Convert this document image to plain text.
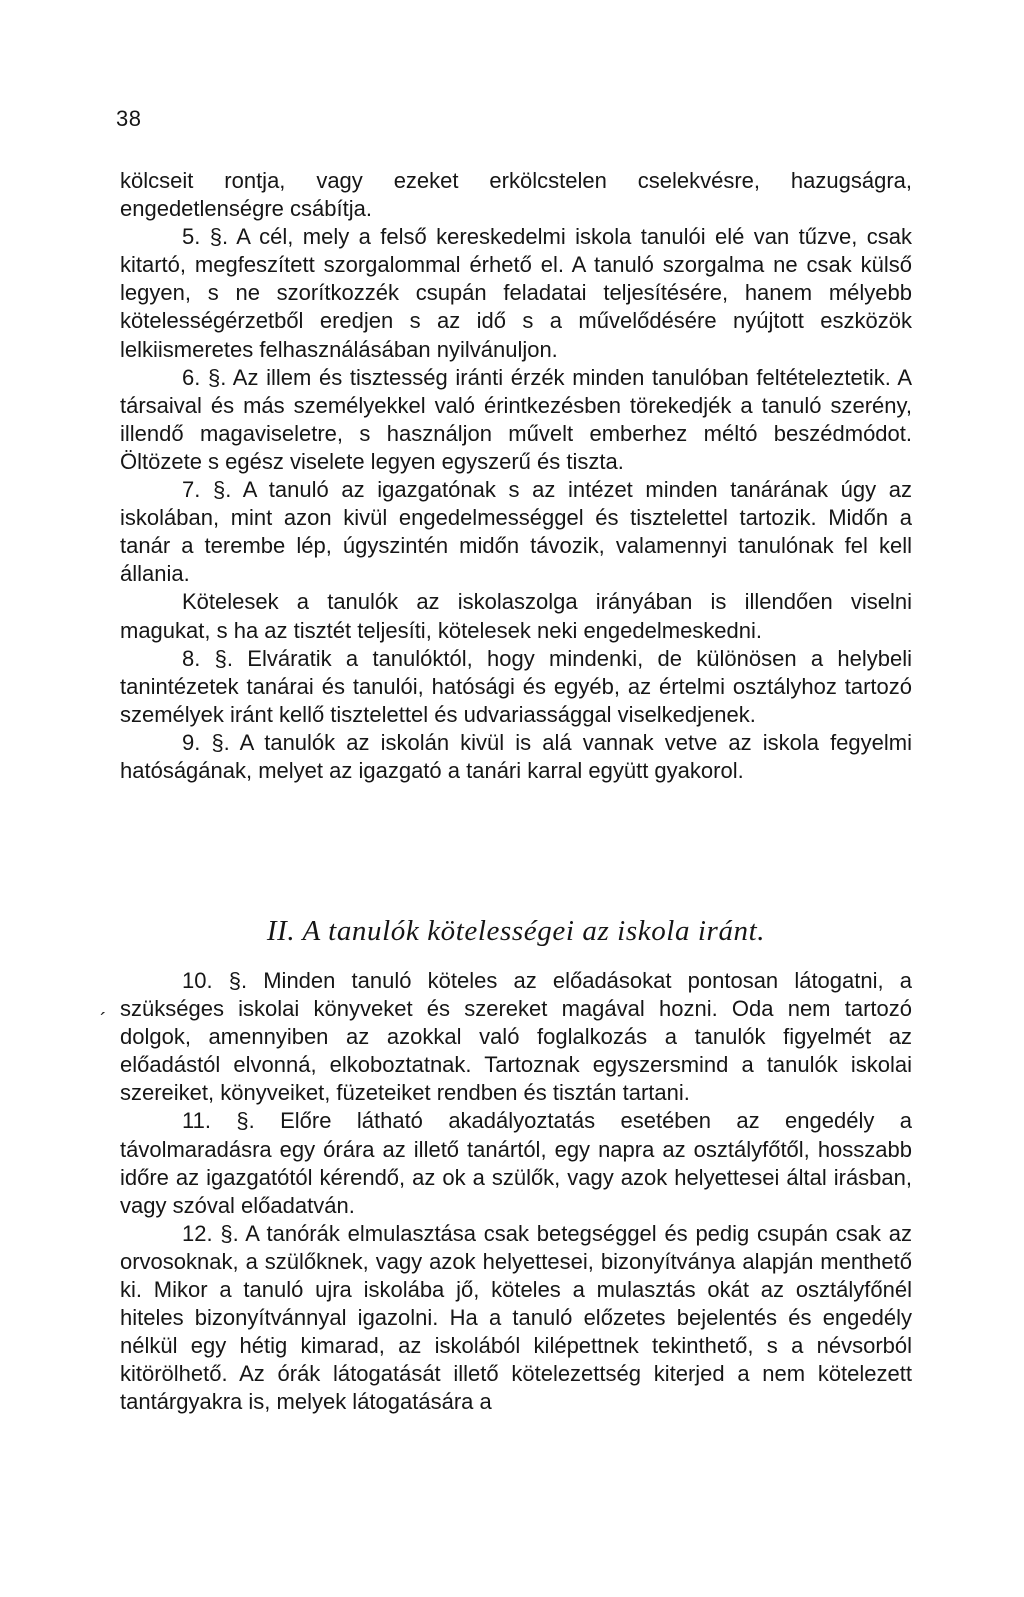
38

kölcseit rontja, vagy ezeket erkölcstelen cselekvésre, hazugságra, engedetlenségre csábítja.

5. §. A cél, mely a felső kereskedelmi iskola tanulói elé van tűzve, csak kitartó, megfeszített szorgalommal érhető el. A tanuló szorgalma ne csak külső legyen, s ne szorítkozzék csupán feladatai teljesítésére, hanem mélyebb kötelességérzetből eredjen s az idő s a művelődésére nyújtott eszközök lelkiismeretes felhasználásában nyilvánuljon.

6. §. Az illem és tisztesség iránti érzék minden tanulóban feltételeztetik. A társaival és más személyekkel való érintkezésben törekedjék a tanuló szerény, illendő magaviseletre, s használjon művelt emberhez méltó beszédmódot. Öltözete s egész viselete legyen egyszerű és tiszta.

7. §. A tanuló az igazgatónak s az intézet minden tanárának úgy az iskolában, mint azon kivül engedelmességgel és tisztelettel tartozik. Midőn a tanár a terembe lép, úgyszintén midőn távozik, valamennyi tanulónak fel kell állania.

Kötelesek a tanulók az iskolaszolga irányában is illendően viselni magukat, s ha az tisztét teljesíti, kötelesek neki engedelmeskedni.

8. §. Elváratik a tanulóktól, hogy mindenki, de különösen a helybeli tanintézetek tanárai és tanulói, hatósági és egyéb, az értelmi osztályhoz tartozó személyek iránt kellő tisztelettel és udvariassággal viselkedjenek.

9. §. A tanulók az iskolán kivül is alá vannak vetve az iskola fegyelmi hatóságának, melyet az igazgató a tanári karral együtt gyakorol.

II. A tanulók kötelességei az iskola iránt.
´

10. §. Minden tanuló köteles az előadásokat pontosan látogatni, a szükséges iskolai könyveket és szereket magával hozni. Oda nem tartozó dolgok, amennyiben az azokkal való foglalkozás a tanulók figyelmét az előadástól elvonná, elkoboztatnak. Tartoznak egyszersmind a tanulók iskolai szereiket, könyveiket, füzeteiket rendben és tisztán tartani.

11. §. Előre látható akadályoztatás esetében az engedély a távolmaradásra egy órára az illető tanártól, egy napra az osztályfőtől, hosszabb időre az igazgatótól kérendő, az ok a szülők, vagy azok helyettesei által irásban, vagy szóval előadatván.

12. §. A tanórák elmulasztása csak betegséggel és pedig csupán csak az orvosoknak, a szülőknek, vagy azok helyettesei, bizonyítványa alapján menthető ki. Mikor a tanuló ujra iskolába jő, köteles a mulasztás okát az osztályfőnél hiteles bizonyítvánnyal igazolni. Ha a tanuló előzetes bejelentés és engedély nélkül egy hétig kimarad, az iskolából kilépettnek tekinthető, s a névsorból kitörölhető. Az órák látogatását illető kötelezettség kiterjed a nem kötelezett tantárgyakra is, melyek látogatására a
